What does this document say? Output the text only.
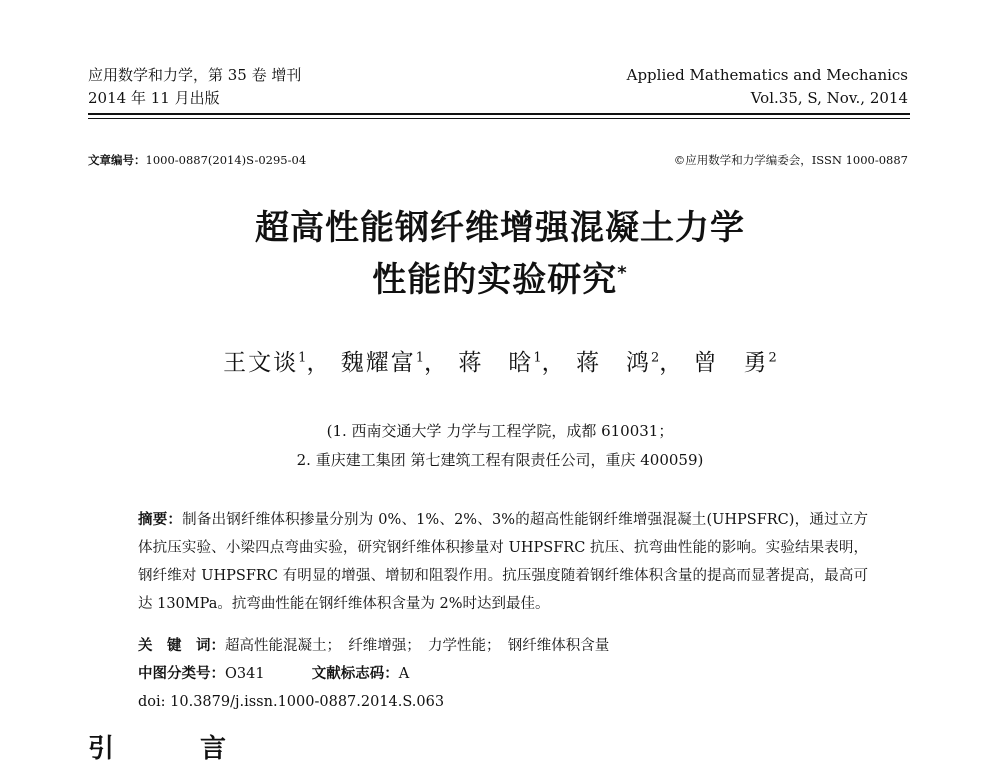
应用数学和力学，第 35 卷 增刊
2014 年 11 月出版
Applied Mathematics and Mechanics
Vol.35, S, Nov., 2014
文章编号：1000-0887(2014)S-0295-04	©应用数学和力学编委会，ISSN 1000-0887
超高性能钢纤维增强混凝土力学
性能的实验研究*
王文谈$^1$， 魏耀富$^1$， 蒋　晗$^1$， 蒋　鸿$^2$， 曾　勇$^2$
(1. 西南交通大学 力学与工程学院，成都 610031；
2. 重庆建工集团 第七建筑工程有限责任公司，重庆 400059)
摘要：制备出钢纤维体积掺量分别为 0%、1%、2%、3%的超高性能钢纤维增强混凝土(UHPSFRC)，通过立方体抗压实验、小梁四点弯曲实验，研究钢纤维体积掺量对 UHPSFRC 抗压、抗弯曲性能的影响。实验结果表明，钢纤维对 UHPSFRC 有明显的增强、增韧和阻裂作用。抗压强度随着钢纤维体积含量的提高而显著提高，最高可达 130MPa。抗弯曲性能在钢纤维体积含量为 2%时达到最佳。
关　键　词：超高性能混凝土；　纤维增强；　力学性能；　钢纤维体积含量
中图分类号：O341	文献标志码：A
doi: 10.3879/j.issn.1000-0887.2014.S.063
引　言
